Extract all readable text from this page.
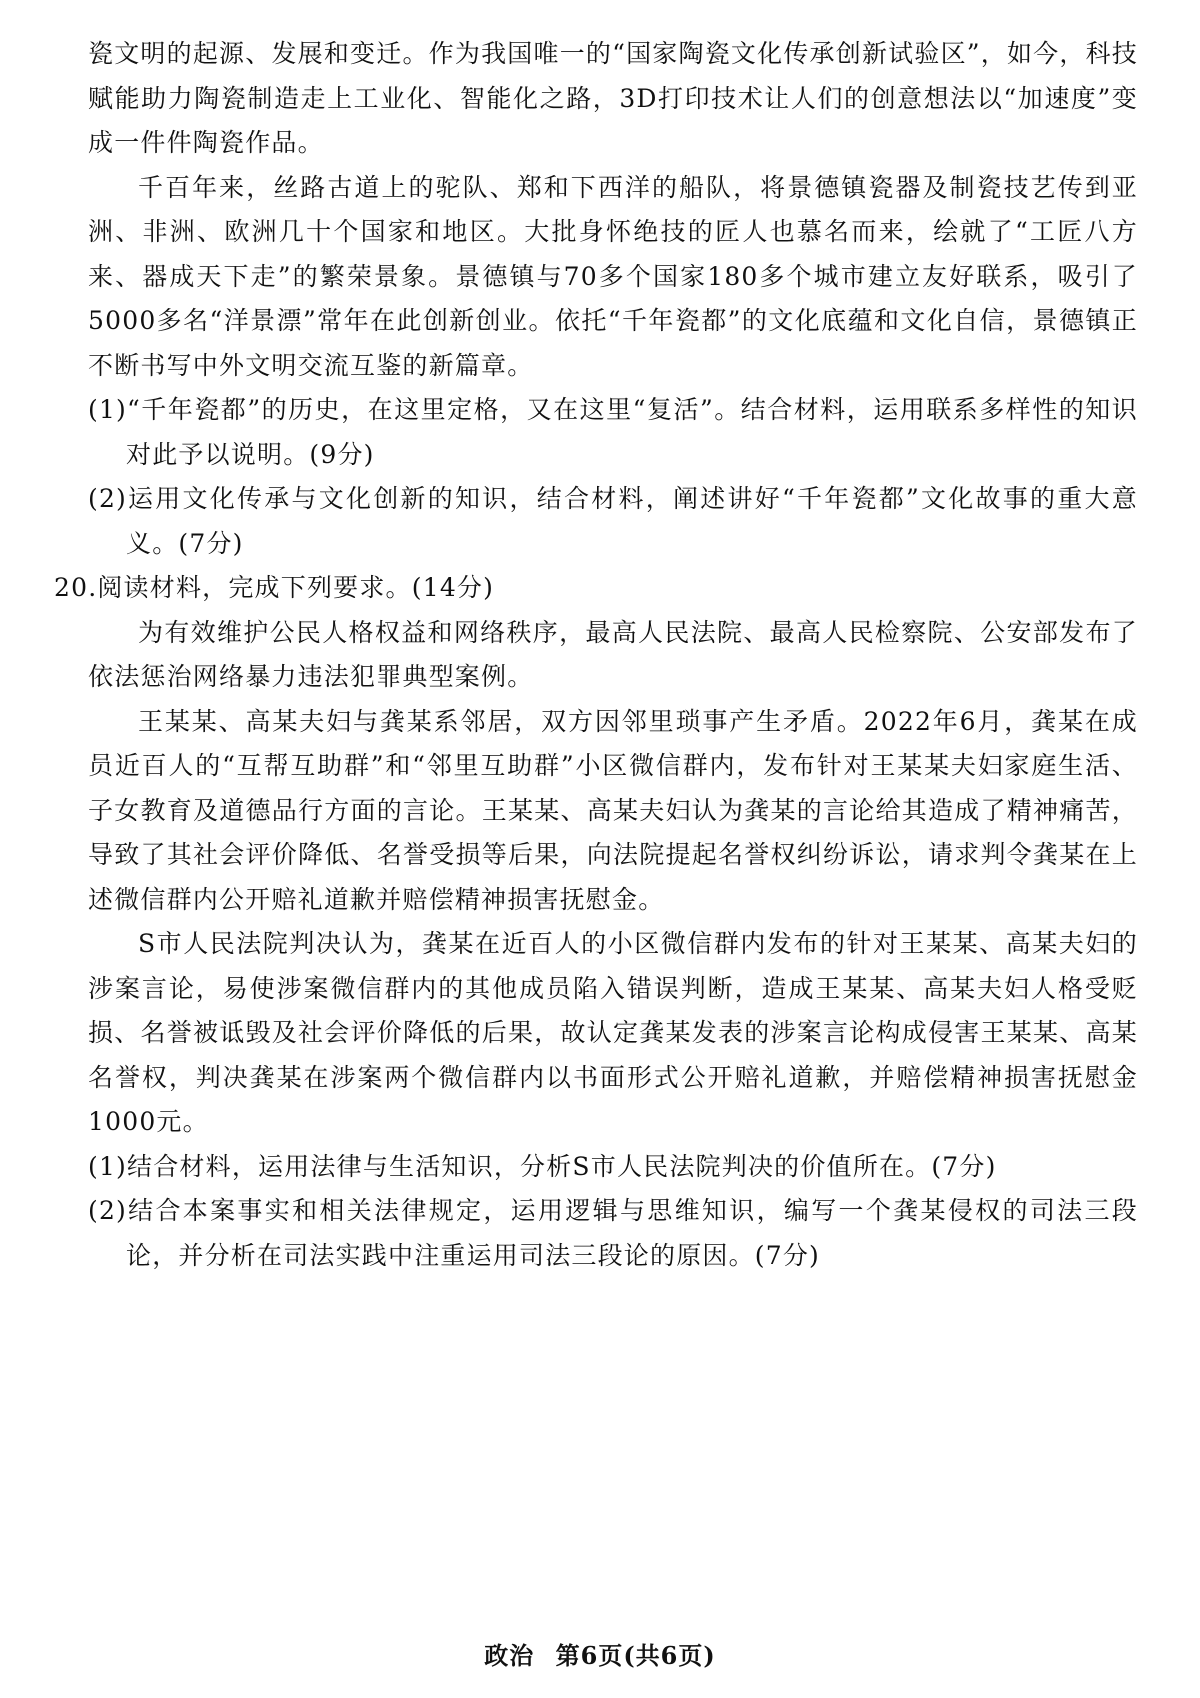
瓷文明的起源、发展和变迁。作为我国唯一的“国家陶瓷文化传承创新试验区”，如今，科技赋能助力陶瓷制造走上工业化、智能化之路，3D打印技术让人们的创意想法以“加速度”变成一件件陶瓷作品。

千百年来，丝路古道上的驼队、郑和下西洋的船队，将景德镇瓷器及制瓷技艺传到亚洲、非洲、欧洲几十个国家和地区。大批身怀绝技的匠人也慕名而来，绘就了“工匠八方来、器成天下走”的繁荣景象。景德镇与70多个国家180多个城市建立友好联系，吸引了5000多名“洋景漂”常年在此创新创业。依托“千年瓷都”的文化底蕴和文化自信，景德镇正不断书写中外文明交流互鉴的新篇章。

(1)“千年瓷都”的历史，在这里定格，又在这里“复活”。结合材料，运用联系多样性的知识对此予以说明。(9分)

(2)运用文化传承与文化创新的知识，结合材料，阐述讲好“千年瓷都”文化故事的重大意义。(7分)

20.阅读材料，完成下列要求。(14分)

为有效维护公民人格权益和网络秩序，最高人民法院、最高人民检察院、公安部发布了依法惩治网络暴力违法犯罪典型案例。

王某某、高某夫妇与龚某系邻居，双方因邻里琐事产生矛盾。2022年6月，龚某在成员近百人的“互帮互助群”和“邻里互助群”小区微信群内，发布针对王某某夫妇家庭生活、子女教育及道德品行方面的言论。王某某、高某夫妇认为龚某的言论给其造成了精神痛苦，导致了其社会评价降低、名誉受损等后果，向法院提起名誉权纠纷诉讼，请求判令龚某在上述微信群内公开赔礼道歉并赔偿精神损害抚慰金。

S市人民法院判决认为，龚某在近百人的小区微信群内发布的针对王某某、高某夫妇的涉案言论，易使涉案微信群内的其他成员陷入错误判断，造成王某某、高某夫妇人格受贬损、名誉被诋毁及社会评价降低的后果，故认定龚某发表的涉案言论构成侵害王某某、高某名誉权，判决龚某在涉案两个微信群内以书面形式公开赔礼道歉，并赔偿精神损害抚慰金1000元。

(1)结合材料，运用法律与生活知识，分析S市人民法院判决的价值所在。(7分)

(2)结合本案事实和相关法律规定，运用逻辑与思维知识，编写一个龚某侵权的司法三段论，并分析在司法实践中注重运用司法三段论的原因。(7分)

政治 第6页(共6页)
